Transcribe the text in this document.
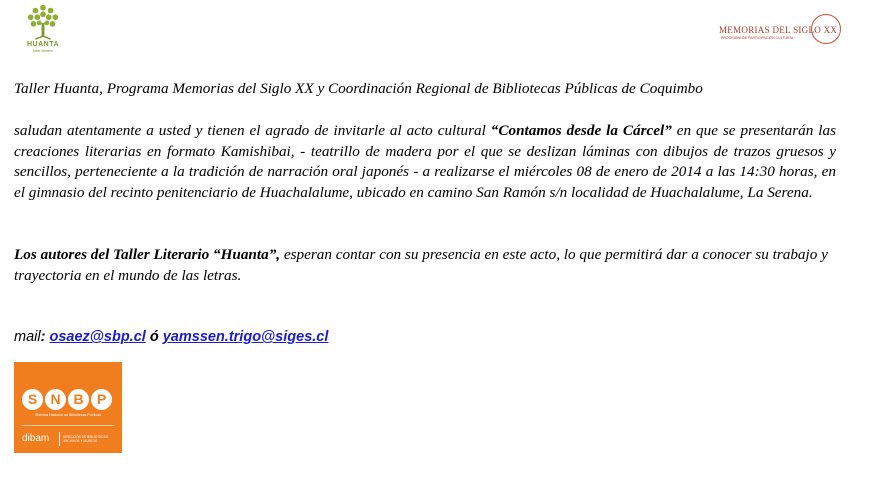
HUANTA
taller literario
MEMORIAS DEL SIGLO XX
PROGRAMA DE PARTICIPACIÓN CULTURAL
Taller Huanta, Programa Memorias del Siglo XX y Coordinación Regional de Bibliotecas Públicas de Coquimbo
saludan atentamente a usted y tienen el agrado de invitarle al acto cultural “Contamos desde la Cárcel” en que se presentarán las creaciones literarias en formato Kamishibai, - teatrillo de madera por el que se deslizan láminas con dibujos de trazos gruesos y sencillos, perteneciente a la tradición de narración oral japonés - a realizarse el miércoles 08 de enero de 2014 a las 14:30 horas, en el gimnasio del recinto penitenciario de Huachalalume, ubicado en camino San Ramón s/n localidad de Huachalalume, La Serena.
Los autores del Taller Literario “Huanta”, esperan contar con su presencia en este acto, lo que permitirá dar a conocer su trabajo y trayectoria en el mundo de las letras.
mail: osaez@sbp.cl ó yamssen.trigo@siges.cl
S N B P
Sistema Nacional de Bibliotecas Públicas
dibam	DIRECCIÓN DE BIBLIOTECAS, ARCHIVOS Y MUSEOS
